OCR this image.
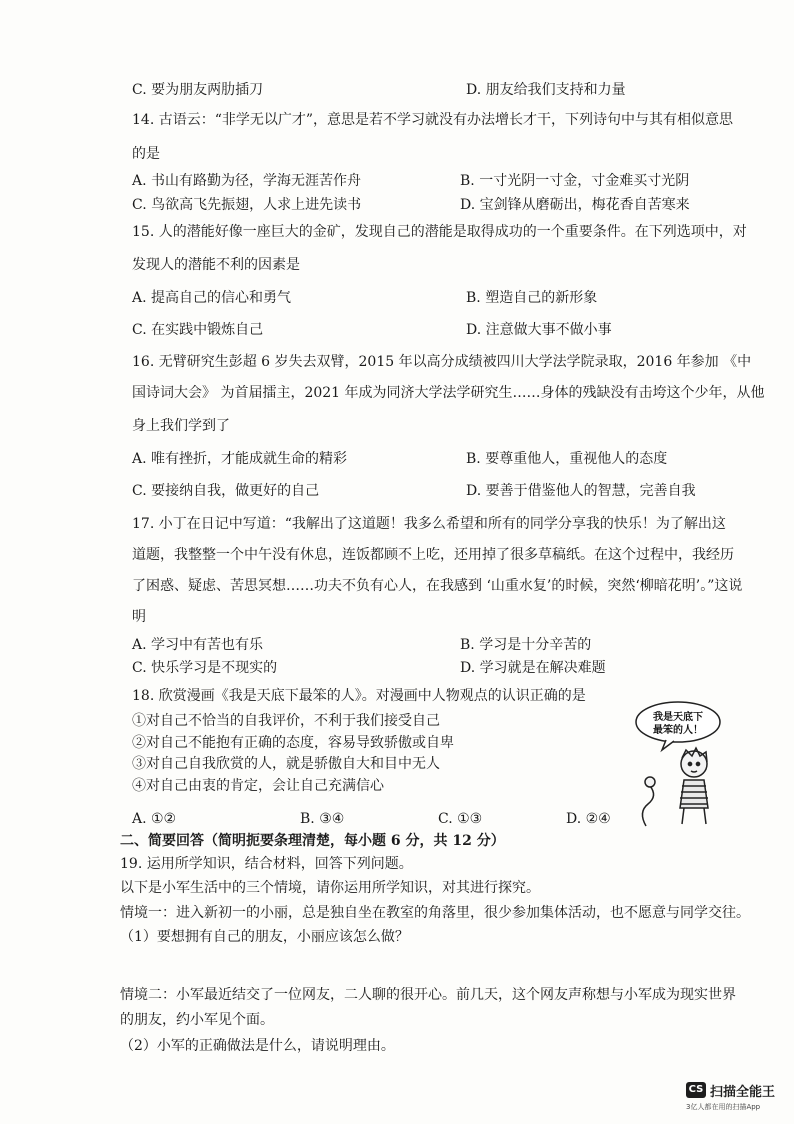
C. 要为朋友两肋插刀	D. 朋友给我们支持和力量
14. 古语云：“非学无以广才”，意思是若不学习就没有办法增长才干，下列诗句中与其有相似意思
的是
A. 书山有路勤为径，学海无涯苦作舟	B. 一寸光阴一寸金，寸金难买寸光阴
C. 鸟欲高飞先振翅，人求上进先读书	D. 宝剑锋从磨砺出，梅花香自苦寒来
15. 人的潜能好像一座巨大的金矿，发现自己的潜能是取得成功的一个重要条件。在下列选项中，对
发现人的潜能不利的因素是
A. 提高自己的信心和勇气	B. 塑造自己的新形象
C. 在实践中锻炼自己	D. 注意做大事不做小事
16. 无臂研究生彭超 6 岁失去双臂，2015 年以高分成绩被四川大学法学院录取，2016 年参加 《中
国诗词大会》 为首届擂主，2021 年成为同济大学法学研究生……身体的残缺没有击垮这个少年，从他
身上我们学到了
A. 唯有挫折，才能成就生命的精彩	B. 要尊重他人，重视他人的态度
C. 要接纳自我，做更好的自己	D. 要善于借鉴他人的智慧，完善自我
17. 小丁在日记中写道：“我解出了这道题！我多么希望和所有的同学分享我的快乐！为了解出这
道题，我整整一个中午没有休息，连饭都顾不上吃，还用掉了很多草稿纸。在这个过程中，我经历
了困惑、疑虑、苦思冥想……功夫不负有心人，在我感到 ‘山重水复’的时候，突然‘柳暗花明’。”这说
明
A. 学习中有苦也有乐	B. 学习是十分辛苦的
C. 快乐学习是不现实的	D. 学习就是在解决难题
18. 欣赏漫画《我是天底下最笨的人》。对漫画中人物观点的认识正确的是
①对自己不恰当的自我评价，不利于我们接受自己
②对自己不能抱有正确的态度，容易导致骄傲或自卑
③对自己自我欣赏的人，就是骄傲自大和目中无人
④对自己由衷的肯定，会让自己充满信心
A. ①②	B. ③④	C. ①③	D. ②④
二、简要回答（简明扼要条理清楚，每小题 6 分，共 12 分）
19. 运用所学知识，结合材料，回答下列问题。
以下是小军生活中的三个情境，请你运用所学知识，对其进行探究。
情境一：进入新初一的小丽，总是独自坐在教室的角落里，很少参加集体活动，也不愿意与同学交往。
（1）要想拥有自己的朋友，小丽应该怎么做？
情境二：小军最近结交了一位网友，二人聊的很开心。前几天，这个网友声称想与小军成为现实世界
的朋友，约小军见个面。
（2）小军的正确做法是什么，请说明理由。
我是天底下
最笨的人！
CS 扫描全能王
3亿人都在用的扫描App
